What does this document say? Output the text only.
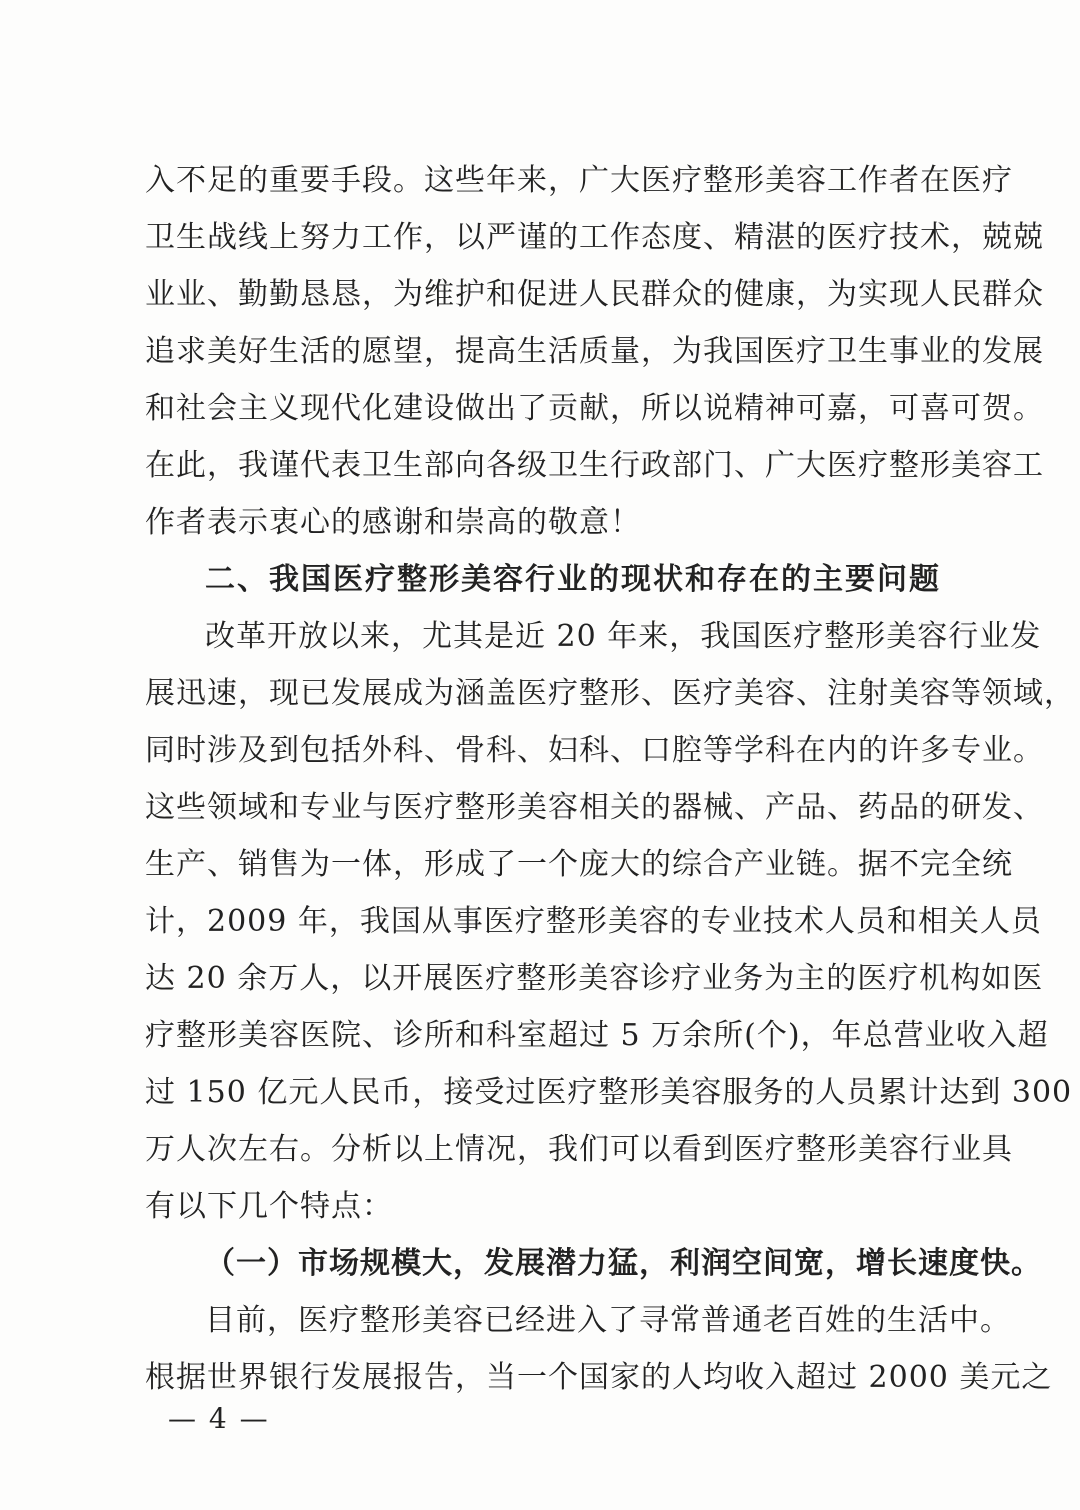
入不足的重要手段。这些年来，广大医疗整形美容工作者在医疗
卫生战线上努力工作，以严谨的工作态度、精湛的医疗技术，兢兢
业业、勤勤恳恳，为维护和促进人民群众的健康，为实现人民群众
追求美好生活的愿望，提高生活质量，为我国医疗卫生事业的发展
和社会主义现代化建设做出了贡献，所以说精神可嘉，可喜可贺。
在此，我谨代表卫生部向各级卫生行政部门、广大医疗整形美容工
作者表示衷心的感谢和崇高的敬意！
二、我国医疗整形美容行业的现状和存在的主要问题
改革开放以来，尤其是近 20 年来，我国医疗整形美容行业发
展迅速，现已发展成为涵盖医疗整形、医疗美容、注射美容等领域，
同时涉及到包括外科、骨科、妇科、口腔等学科在内的许多专业。
这些领域和专业与医疗整形美容相关的器械、产品、药品的研发、
生产、销售为一体，形成了一个庞大的综合产业链。据不完全统
计，2009 年，我国从事医疗整形美容的专业技术人员和相关人员
达 20 余万人，以开展医疗整形美容诊疗业务为主的医疗机构如医
疗整形美容医院、诊所和科室超过 5 万余所(个)，年总营业收入超
过 150 亿元人民币，接受过医疗整形美容服务的人员累计达到 300
万人次左右。分析以上情况，我们可以看到医疗整形美容行业具
有以下几个特点：
（一）市场规模大，发展潜力猛，利润空间宽，增长速度快。
目前，医疗整形美容已经进入了寻常普通老百姓的生活中。
根据世界银行发展报告，当一个国家的人均收入超过 2000 美元之
— 4 —
